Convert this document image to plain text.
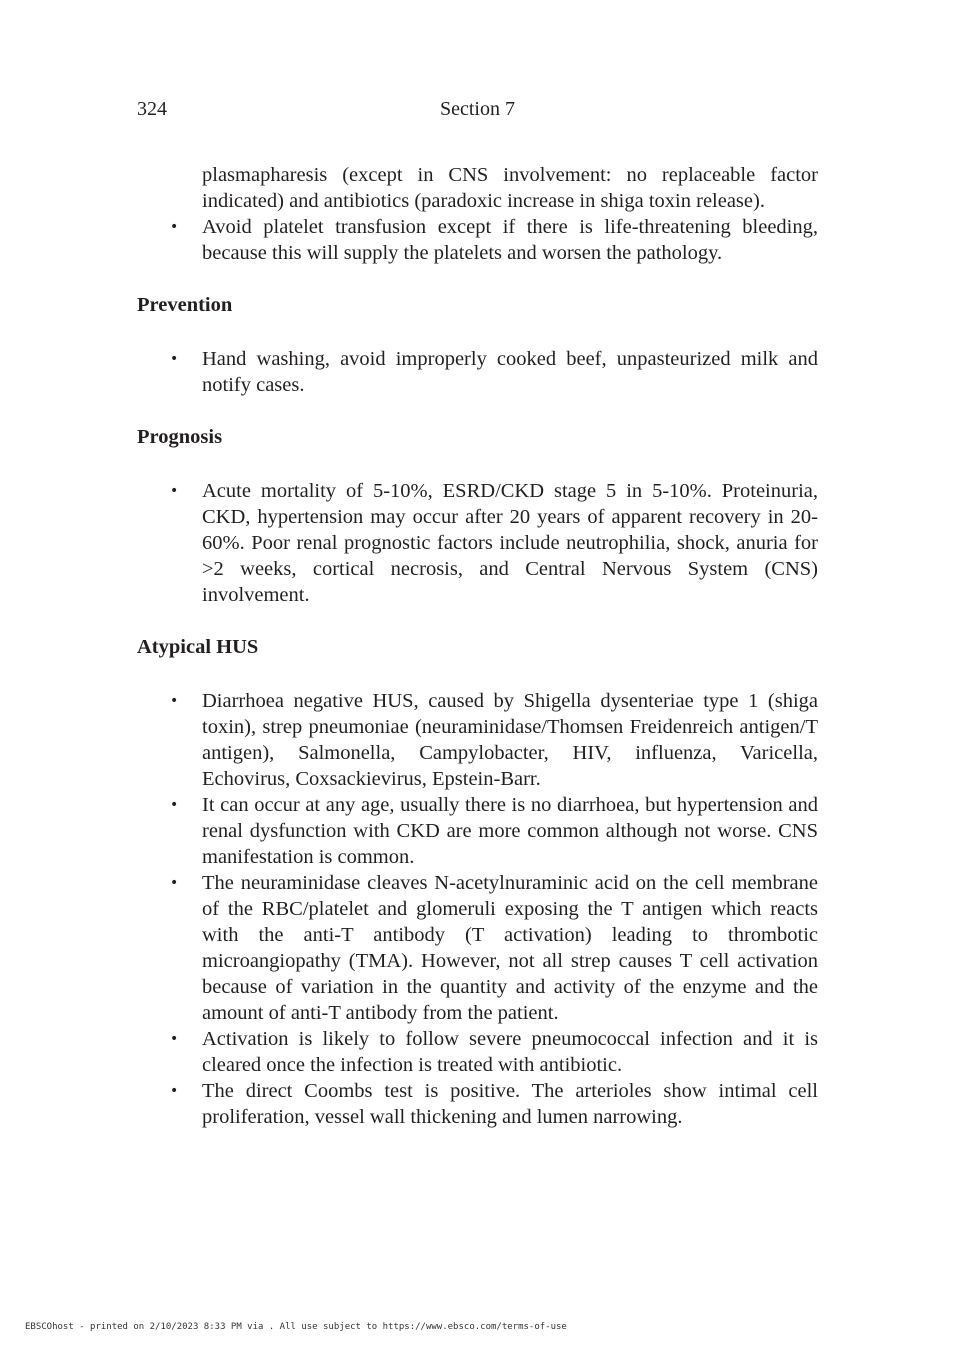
324	Section 7

plasmapharesis (except in CNS involvement: no replaceable factor indicated) and antibiotics (paradoxic increase in shiga toxin release).

• Avoid platelet transfusion except if there is life-threatening bleeding, because this will supply the platelets and worsen the pathology.
Prevention
• Hand washing, avoid improperly cooked beef, unpasteurized milk and notify cases.
Prognosis
• Acute mortality of 5-10%, ESRD/CKD stage 5 in 5-10%. Proteinuria, CKD, hypertension may occur after 20 years of apparent recovery in 20-60%. Poor renal prognostic factors include neutrophilia, shock, anuria for >2 weeks, cortical necrosis, and Central Nervous System (CNS) involvement.
Atypical HUS
• Diarrhoea negative HUS, caused by Shigella dysenteriae type 1 (shiga toxin), strep pneumoniae (neuraminidase/Thomsen Freidenreich antigen/T antigen), Salmonella, Campylobacter, HIV, influenza, Varicella, Echovirus, Coxsackievirus, Epstein-Barr.
• It can occur at any age, usually there is no diarrhoea, but hypertension and renal dysfunction with CKD are more common although not worse. CNS manifestation is common.
• The neuraminidase cleaves N-acetylnuraminic acid on the cell membrane of the RBC/platelet and glomeruli exposing the T antigen which reacts with the anti-T antibody (T activation) leading to thrombotic microangiopathy (TMA). However, not all strep causes T cell activation because of variation in the quantity and activity of the enzyme and the amount of anti-T antibody from the patient.
• Activation is likely to follow severe pneumococcal infection and it is cleared once the infection is treated with antibiotic.
• The direct Coombs test is positive. The arterioles show intimal cell proliferation, vessel wall thickening and lumen narrowing.
EBSCOhost - printed on 2/10/2023 8:33 PM via . All use subject to https://www.ebsco.com/terms-of-use
